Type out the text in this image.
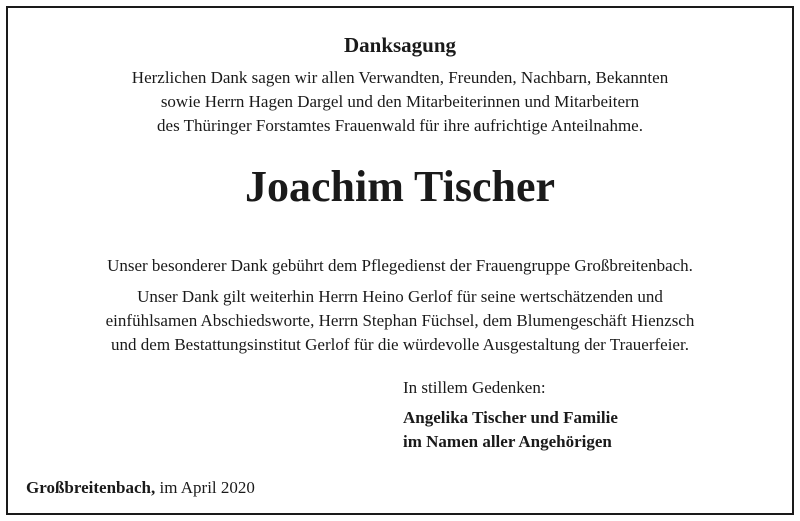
Danksagung
Herzlichen Dank sagen wir allen Verwandten, Freunden, Nachbarn, Bekannten
sowie Herrn Hagen Dargel und den Mitarbeiterinnen und Mitarbeitern
des Thüringer Forstamtes Frauenwald für ihre aufrichtige Anteilnahme.
Joachim Tischer
Unser besonderer Dank gebührt dem Pflegedienst der Frauengruppe Großbreitenbach.
Unser Dank gilt weiterhin Herrn Heino Gerlof für seine wertschätzenden und
einfühlsamen Abschiedsworte, Herrn Stephan Füchsel, dem Blumengeschäft Hienzsch
und dem Bestattungsinstitut Gerlof für die würdevolle Ausgestaltung der Trauerfeier.
In stillem Gedenken:
Angelika Tischer und Familie
im Namen aller Angehörigen
Großbreitenbach, im April 2020
